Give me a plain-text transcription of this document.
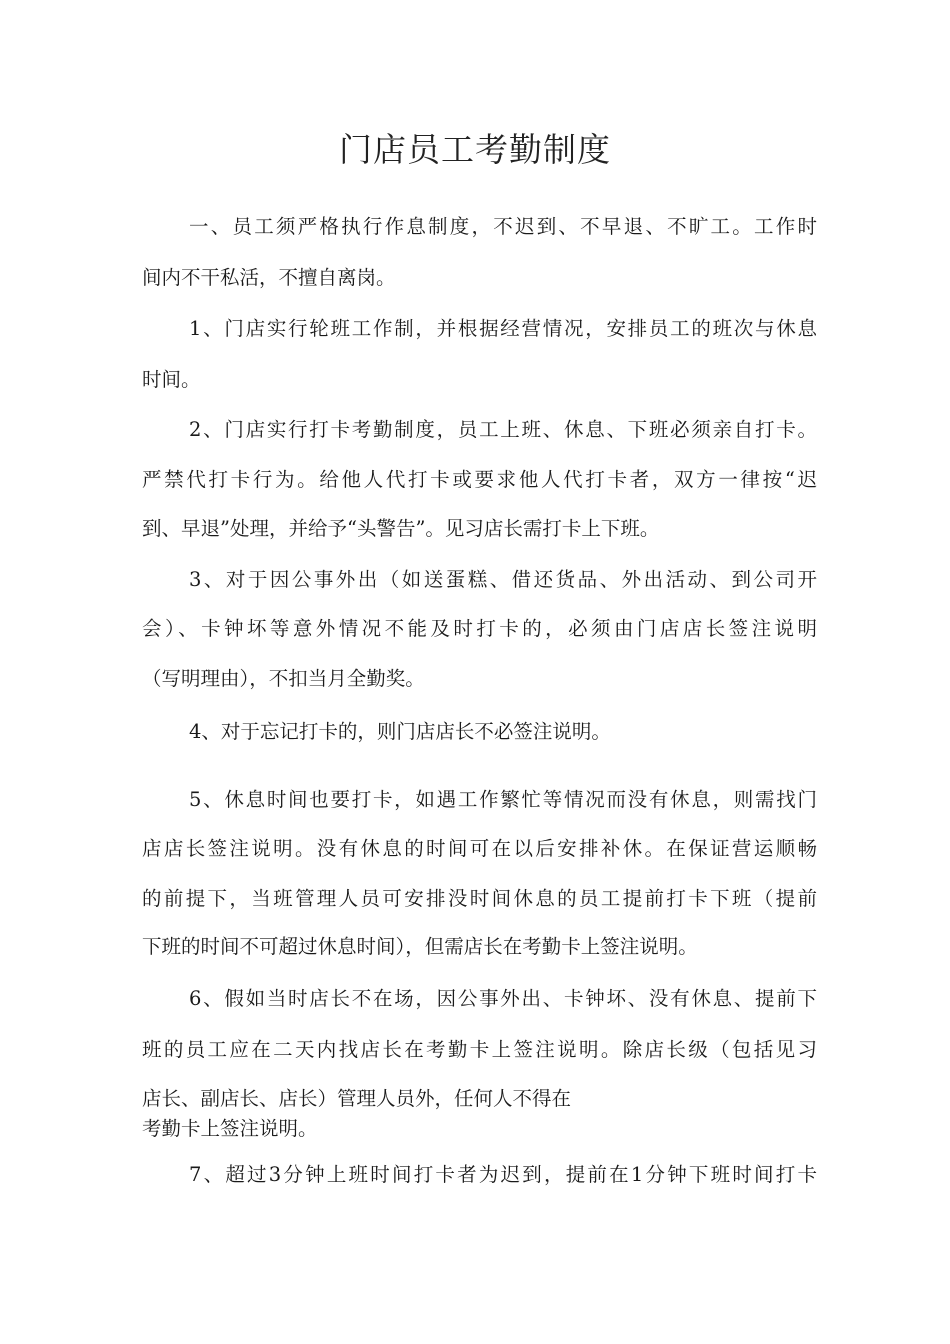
门店员工考勤制度
一、员工须严格执行作息制度，不迟到、不早退、不旷工。工作时
间内不干私活，不擅自离岗。
1、门店实行轮班工作制，并根据经营情况，安排员工的班次与休息
时间。
2、门店实行打卡考勤制度，员工上班、休息、下班必须亲自打卡。
严禁代打卡行为。给他人代打卡或要求他人代打卡者，双方一律按“迟
到、早退”处理，并给予“头警告”。见习店长需打卡上下班。
3、对于因公事外出（如送蛋糕、借还货品、外出活动、到公司开
会）、卡钟坏等意外情况不能及时打卡的，必须由门店店长签注说明
（写明理由），不扣当月全勤奖。
4、对于忘记打卡的，则门店店长不必签注说明。
5、休息时间也要打卡，如遇工作繁忙等情况而没有休息，则需找门
店店长签注说明。没有休息的时间可在以后安排补休。在保证营运顺畅
的前提下，当班管理人员可安排没时间休息的员工提前打卡下班（提前
下班的时间不可超过休息时间），但需店长在考勤卡上签注说明。
6、假如当时店长不在场，因公事外出、卡钟坏、没有休息、提前下
班的员工应在二天内找店长在考勤卡上签注说明。除店长级（包括见习
店长、副店长、店长）管理人员外，任何人不得在
考勤卡上签注说明。
7、超过3分钟上班时间打卡者为迟到，提前在1分钟下班时间打卡
